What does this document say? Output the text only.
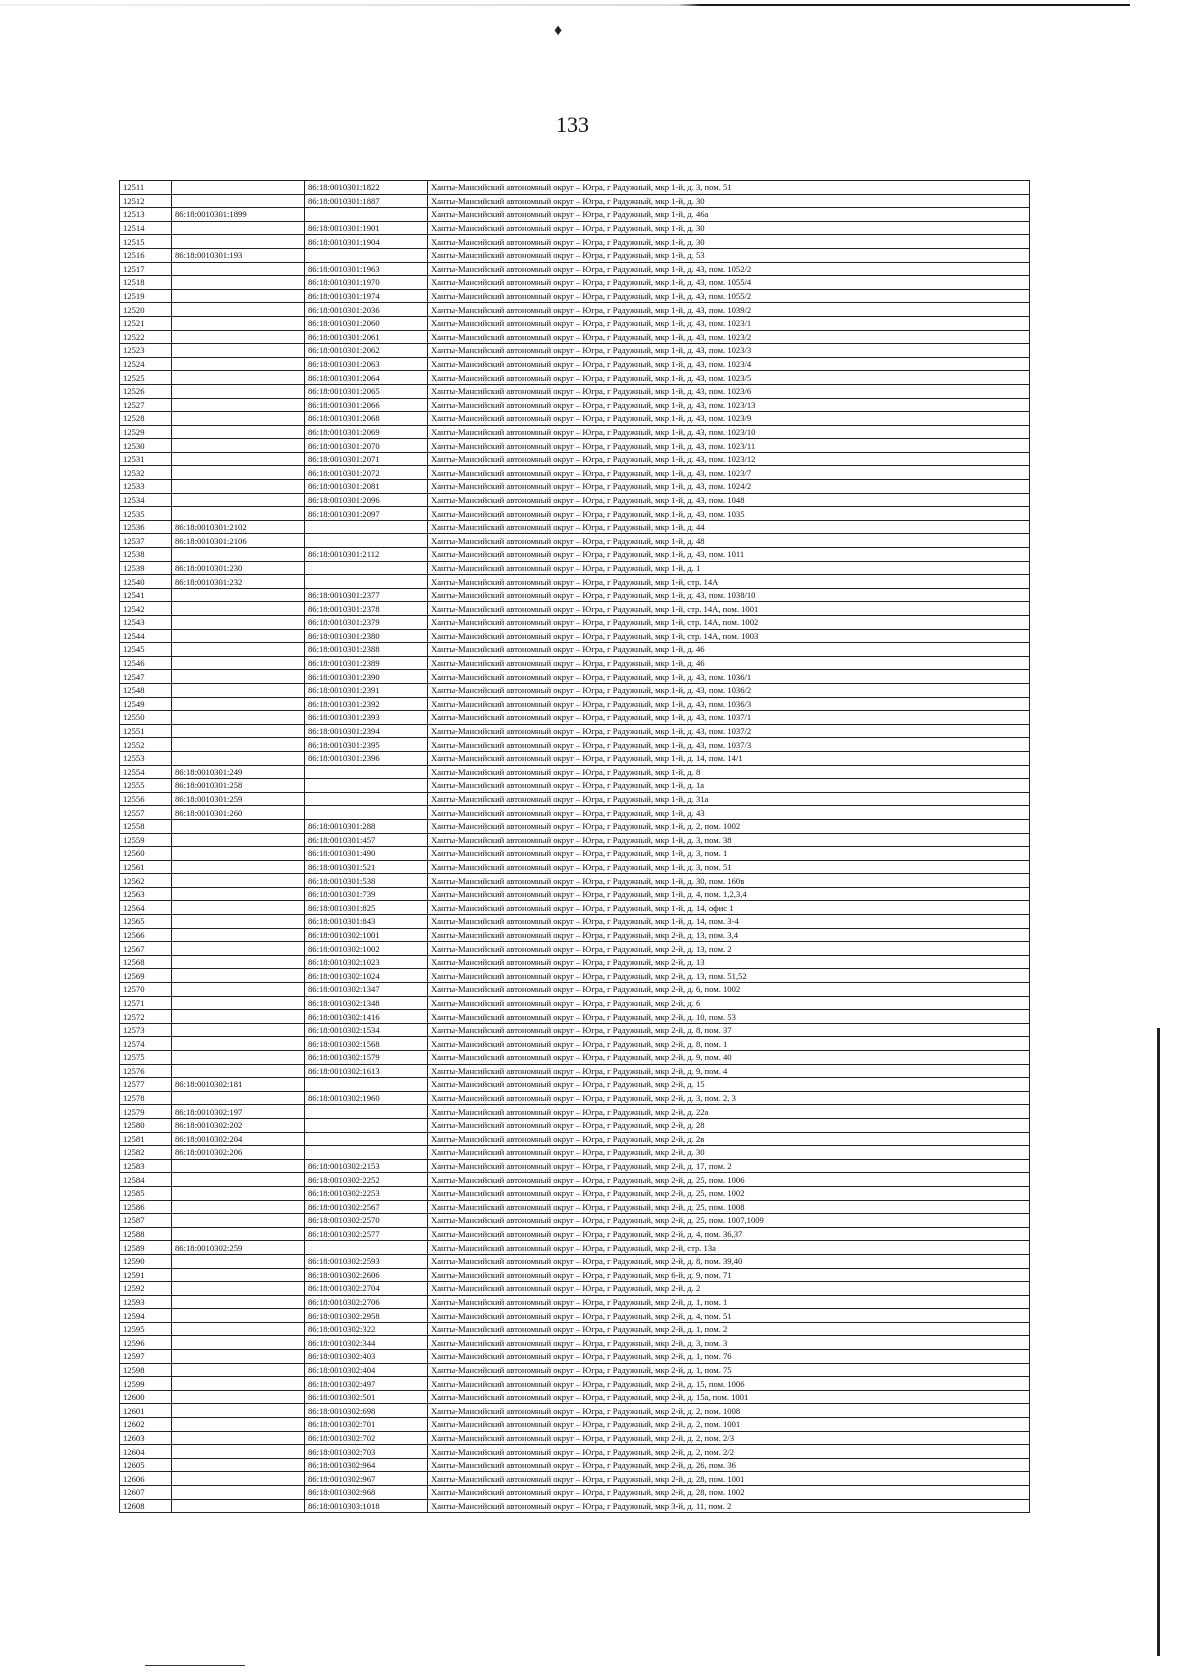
♦
133
12511		86:18:0010301:1822	Ханты-Мансийский автономный округ – Югра, г Радужный, мкр 1-й, д. 3, пом. 51
12512		86:18:0010301:1887	Ханты-Мансийский автономный округ – Югра, г Радужный, мкр 1-й, д. 30
12513	86:18:0010301:1899		Ханты-Мансийский автономный округ – Югра, г Радужный, мкр 1-й, д. 46а
12514		86:18:0010301:1901	Ханты-Мансийский автономный округ – Югра, г Радужный, мкр 1-й, д. 30
12515		86:18:0010301:1904	Ханты-Мансийский автономный округ – Югра, г Радужный, мкр 1-й, д. 30
12516	86:18:0010301:193		Ханты-Мансийский автономный округ – Югра, г Радужный, мкр 1-й, д. 53
12517		86:18:0010301:1963	Ханты-Мансийский автономный округ – Югра, г Радужный, мкр 1-й, д. 43, пом. 1052/2
12518		86:18:0010301:1970	Ханты-Мансийский автономный округ – Югра, г Радужный, мкр 1-й, д. 43, пом. 1055/4
12519		86:18:0010301:1974	Ханты-Мансийский автономный округ – Югра, г Радужный, мкр 1-й, д. 43, пом. 1055/2
12520		86:18:0010301:2036	Ханты-Мансийский автономный округ – Югра, г Радужный, мкр 1-й, д. 43, пом. 1039/2
12521		86:18:0010301:2060	Ханты-Мансийский автономный округ – Югра, г Радужный, мкр 1-й, д. 43, пом. 1023/1
12522		86:18:0010301:2061	Ханты-Мансийский автономный округ – Югра, г Радужный, мкр 1-й, д. 43, пом. 1023/2
12523		86:18:0010301:2062	Ханты-Мансийский автономный округ – Югра, г Радужный, мкр 1-й, д. 43, пом. 1023/3
12524		86:18:0010301:2063	Ханты-Мансийский автономный округ – Югра, г Радужный, мкр 1-й, д. 43, пом. 1023/4
12525		86:18:0010301:2064	Ханты-Мансийский автономный округ – Югра, г Радужный, мкр 1-й, д. 43, пом. 1023/5
12526		86:18:0010301:2065	Ханты-Мансийский автономный округ – Югра, г Радужный, мкр 1-й, д. 43, пом. 1023/6
12527		86:18:0010301:2066	Ханты-Мансийский автономный округ – Югра, г Радужный, мкр 1-й, д. 43, пом. 1023/13
12528		86:18:0010301:2068	Ханты-Мансийский автономный округ – Югра, г Радужный, мкр 1-й, д. 43, пом. 1023/9
12529		86:18:0010301:2069	Ханты-Мансийский автономный округ – Югра, г Радужный, мкр 1-й, д. 43, пом. 1023/10
12530		86:18:0010301:2070	Ханты-Мансийский автономный округ – Югра, г Радужный, мкр 1-й, д. 43, пом. 1023/11
12531		86:18:0010301:2071	Ханты-Мансийский автономный округ – Югра, г Радужный, мкр 1-й, д. 43, пом. 1023/12
12532		86:18:0010301:2072	Ханты-Мансийский автономный округ – Югра, г Радужный, мкр 1-й, д. 43, пом. 1023/7
12533		86:18:0010301:2081	Ханты-Мансийский автономный округ – Югра, г Радужный, мкр 1-й, д. 43, пом. 1024/2
12534		86:18:0010301:2096	Ханты-Мансийский автономный округ – Югра, г Радужный, мкр 1-й, д. 43, пом. 1048
12535		86:18:0010301:2097	Ханты-Мансийский автономный округ – Югра, г Радужный, мкр 1-й, д. 43, пом. 1035
12536	86:18:0010301:2102		Ханты-Мансийский автономный округ – Югра, г Радужный, мкр 1-й, д. 44
12537	86:18:0010301:2106		Ханты-Мансийский автономный округ – Югра, г Радужный, мкр 1-й, д. 48
12538		86:18:0010301:2112	Ханты-Мансийский автономный округ – Югра, г Радужный, мкр 1-й, д. 43, пом. 1011
12539	86:18:0010301:230		Ханты-Мансийский автономный округ – Югра, г Радужный, мкр 1-й, д. 1
12540	86:18:0010301:232		Ханты-Мансийский автономный округ – Югра, г Радужный, мкр 1-й, стр. 14А
12541		86:18:0010301:2377	Ханты-Мансийский автономный округ – Югра, г Радужный, мкр 1-й, д. 43, пом. 1038/10
12542		86:18:0010301:2378	Ханты-Мансийский автономный округ – Югра, г Радужный, мкр 1-й, стр. 14А, пом. 1001
12543		86:18:0010301:2379	Ханты-Мансийский автономный округ – Югра, г Радужный, мкр 1-й, стр. 14А, пом. 1002
12544		86:18:0010301:2380	Ханты-Мансийский автономный округ – Югра, г Радужный, мкр 1-й, стр. 14А, пом. 1003
12545		86:18:0010301:2388	Ханты-Мансийский автономный округ – Югра, г Радужный, мкр 1-й, д. 46
12546		86:18:0010301:2389	Ханты-Мансийский автономный округ – Югра, г Радужный, мкр 1-й, д. 46
12547		86:18:0010301:2390	Ханты-Мансийский автономный округ – Югра, г Радужный, мкр 1-й, д. 43, пом. 1036/1
12548		86:18:0010301:2391	Ханты-Мансийский автономный округ – Югра, г Радужный, мкр 1-й, д. 43, пом. 1036/2
12549		86:18:0010301:2392	Ханты-Мансийский автономный округ – Югра, г Радужный, мкр 1-й, д. 43, пом. 1036/3
12550		86:18:0010301:2393	Ханты-Мансийский автономный округ – Югра, г Радужный, мкр 1-й, д. 43, пом. 1037/1
12551		86:18:0010301:2394	Ханты-Мансийский автономный округ – Югра, г Радужный, мкр 1-й, д. 43, пом. 1037/2
12552		86:18:0010301:2395	Ханты-Мансийский автономный округ – Югра, г Радужный, мкр 1-й, д. 43, пом. 1037/3
12553		86:18:0010301:2396	Ханты-Мансийский автономный округ – Югра, г Радужный, мкр 1-й, д. 14, пом. 14/1
12554	86:18:0010301:249		Ханты-Мансийский автономный округ – Югра, г Радужный, мкр 1-й, д. 8
12555	86:18:0010301:258		Ханты-Мансийский автономный округ – Югра, г Радужный, мкр 1-й, д. 1а
12556	86:18:0010301:259		Ханты-Мансийский автономный округ – Югра, г Радужный, мкр 1-й, д. 31а
12557	86:18:0010301:260		Ханты-Мансийский автономный округ – Югра, г Радужный, мкр 1-й, д. 43
12558		86:18:0010301:288	Ханты-Мансийский автономный округ – Югра, г Радужный, мкр 1-й, д. 2, пом. 1002
12559		86:18:0010301:457	Ханты-Мансийский автономный округ – Югра, г Радужный, мкр 1-й, д. 3, пом. 38
12560		86:18:0010301:490	Ханты-Мансийский автономный округ – Югра, г Радужный, мкр 1-й, д. 3, пом. 1
12561		86:18:0010301:521	Ханты-Мансийский автономный округ – Югра, г Радужный, мкр 1-й, д. 3, пом. 51
12562		86:18:0010301:538	Ханты-Мансийский автономный округ – Югра, г Радужный, мкр 1-й, д. 30, пом. 160в
12563		86:18:0010301:739	Ханты-Мансийский автономный округ – Югра, г Радужный, мкр 1-й, д. 4, пом. 1,2,3,4
12564		86:18:0010301:825	Ханты-Мансийский автономный округ – Югра, г Радужный, мкр 1-й, д. 14, офис 1
12565		86:18:0010301:843	Ханты-Мансийский автономный округ – Югра, г Радужный, мкр 1-й, д. 14, пом. 3-4
12566		86:18:0010302:1001	Ханты-Мансийский автономный округ – Югра, г Радужный, мкр 2-й, д. 13, пом. 3,4
12567		86:18:0010302:1002	Ханты-Мансийский автономный округ – Югра, г Радужный, мкр 2-й, д. 13, пом. 2
12568		86:18:0010302:1023	Ханты-Мансийский автономный округ – Югра, г Радужный, мкр 2-й, д. 13
12569		86:18:0010302:1024	Ханты-Мансийский автономный округ – Югра, г Радужный, мкр 2-й, д. 13, пом. 51,52
12570		86:18:0010302:1347	Ханты-Мансийский автономный округ – Югра, г Радужный, мкр 2-й, д. 6, пом. 1002
12571		86:18:0010302:1348	Ханты-Мансийский автономный округ – Югра, г Радужный, мкр 2-й, д. 6
12572		86:18:0010302:1416	Ханты-Мансийский автономный округ – Югра, г Радужный, мкр 2-й, д. 10, пом. 53
12573		86:18:0010302:1534	Ханты-Мансийский автономный округ – Югра, г Радужный, мкр 2-й, д. 8, пом. 37
12574		86:18:0010302:1568	Ханты-Мансийский автономный округ – Югра, г Радужный, мкр 2-й, д. 8, пом. 1
12575		86:18:0010302:1579	Ханты-Мансийский автономный округ – Югра, г Радужный, мкр 2-й, д. 9, пом. 40
12576		86:18:0010302:1613	Ханты-Мансийский автономный округ – Югра, г Радужный, мкр 2-й, д. 9, пом. 4
12577	86:18:0010302:181		Ханты-Мансийский автономный округ – Югра, г Радужный, мкр 2-й, д. 15
12578		86:18:0010302:1960	Ханты-Мансийский автономный округ – Югра, г Радужный, мкр 2-й, д. 3, пом. 2, 3
12579	86:18:0010302:197		Ханты-Мансийский автономный округ – Югра, г Радужный, мкр 2-й, д. 22а
12580	86:18:0010302:202		Ханты-Мансийский автономный округ – Югра, г Радужный, мкр 2-й, д. 28
12581	86:18:0010302:204		Ханты-Мансийский автономный округ – Югра, г Радужный, мкр 2-й, д. 2в
12582	86:18:0010302:206		Ханты-Мансийский автономный округ – Югра, г Радужный, мкр 2-й, д. 30
12583		86:18:0010302:2153	Ханты-Мансийский автономный округ – Югра, г Радужный, мкр 2-й, д. 17, пом. 2
12584		86:18:0010302:2252	Ханты-Мансийский автономный округ – Югра, г Радужный, мкр 2-й, д. 25, пом. 1006
12585		86:18:0010302:2253	Ханты-Мансийский автономный округ – Югра, г Радужный, мкр 2-й, д. 25, пом. 1002
12586		86:18:0010302:2567	Ханты-Мансийский автономный округ – Югра, г Радужный, мкр 2-й, д. 25, пом. 1008
12587		86:18:0010302:2570	Ханты-Мансийский автономный округ – Югра, г Радужный, мкр 2-й, д. 25, пом. 1007,1009
12588		86:18:0010302:2577	Ханты-Мансийский автономный округ – Югра, г Радужный, мкр 2-й, д. 4, пом. 36,37
12589	86:18:0010302:259		Ханты-Мансийский автономный округ – Югра, г Радужный, мкр 2-й, стр. 13а
12590		86:18:0010302:2593	Ханты-Мансийский автономный округ – Югра, г Радужный, мкр 2-й, д. 8, пом. 39,40
12591		86:18:0010302:2606	Ханты-Мансийский автономный округ – Югра, г Радужный, мкр 6-й, д. 9, пом. 71
12592		86:18:0010302:2704	Ханты-Мансийский автономный округ – Югра, г Радужный, мкр 2-й, д. 2
12593		86:18:0010302:2706	Ханты-Мансийский автономный округ – Югра, г Радужный, мкр 2-й, д. 1, пом. 1
12594		86:18:0010302:2958	Ханты-Мансийский автономный округ – Югра, г Радужный, мкр 2-й, д. 4, пом. 51
12595		86:18:0010302:322	Ханты-Мансийский автономный округ – Югра, г Радужный, мкр 2-й, д. 1, пом. 2
12596		86:18:0010302:344	Ханты-Мансийский автономный округ – Югра, г Радужный, мкр 2-й, д. 3, пом. 3
12597		86:18:0010302:403	Ханты-Мансийский автономный округ – Югра, г Радужный, мкр 2-й, д. 1, пом. 76
12598		86:18:0010302:404	Ханты-Мансийский автономный округ – Югра, г Радужный, мкр 2-й, д. 1, пом. 75
12599		86:18:0010302:497	Ханты-Мансийский автономный округ – Югра, г Радужный, мкр 2-й, д. 15, пом. 1006
12600		86:18:0010302:501	Ханты-Мансийский автономный округ – Югра, г Радужный, мкр 2-й, д. 15а, пом. 1001
12601		86:18:0010302:698	Ханты-Мансийский автономный округ – Югра, г Радужный, мкр 2-й, д. 2, пом. 1008
12602		86:18:0010302:701	Ханты-Мансийский автономный округ – Югра, г Радужный, мкр 2-й, д. 2, пом. 1001
12603		86:18:0010302:702	Ханты-Мансийский автономный округ – Югра, г Радужный, мкр 2-й, д. 2, пом. 2/3
12604		86:18:0010302:703	Ханты-Мансийский автономный округ – Югра, г Радужный, мкр 2-й, д. 2, пом. 2/2
12605		86:18:0010302:964	Ханты-Мансийский автономный округ – Югра, г Радужный, мкр 2-й, д. 26, пом. 36
12606		86:18:0010302:967	Ханты-Мансийский автономный округ – Югра, г Радужный, мкр 2-й, д. 28, пом. 1001
12607		86:18:0010302:968	Ханты-Мансийский автономный округ – Югра, г Радужный, мкр 2-й, д. 28, пом. 1002
12608		86:18:0010303:1018	Ханты-Мансийский автономный округ – Югра, г Радужный, мкр 3-й, д. 11, пом. 2
